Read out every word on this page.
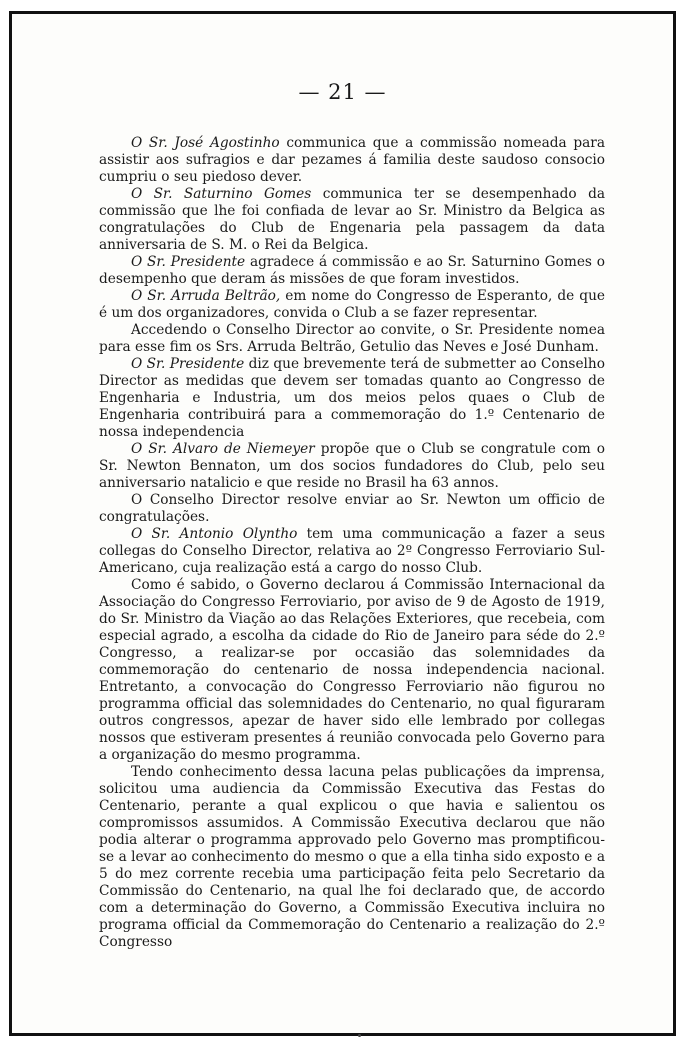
— 21 —

O Sr. José Agostinho communica que a commissão nomeada para assistir aos sufragios e dar pezames á familia deste saudoso consocio cumpriu o seu piedoso dever.

O Sr. Saturnino Gomes communica ter se desempenhado da commissão que lhe foi confiada de levar ao Sr. Ministro da Belgica as congratulações do Club de Engenaria pela passagem da data anniversaria de S. M. o Rei da Belgica.

O Sr. Presidente agradece á commissão e ao Sr. Saturnino Gomes o desempenho que deram ás missões de que foram investidos.

O Sr. Arruda Beltrão, em nome do Congresso de Esperanto, de que é um dos organizadores, convida o Club a se fazer representar.

Accedendo o Conselho Director ao convite, o Sr. Presidente nomea para esse fim os Srs. Arruda Beltrão, Getulio das Neves e José Dunham.

O Sr. Presidente diz que brevemente terá de submetter ao Conselho Director as medidas que devem ser tomadas quanto ao Congresso de Engenharia e Industria, um dos meios pelos quaes o Club de Engenharia contribuirá para a commemoração do 1.º Centenario de nossa independencia

O Sr. Alvaro de Niemeyer propõe que o Club se congratule com o Sr. Newton Bennaton, um dos socios fundadores do Club, pelo seu anniversario natalicio e que reside no Brasil ha 63 annos.

O Conselho Director resolve enviar ao Sr. Newton um officio de congratulações.

O Sr. Antonio Olyntho tem uma communicação a fazer a seus collegas do Conselho Director, relativa ao 2º Congresso Ferroviario Sul-Americano, cuja realização está a cargo do nosso Club.

Como é sabido, o Governo declarou á Commissão Internacional da Associação do Congresso Ferroviario, por aviso de 9 de Agosto de 1919, do Sr. Ministro da Viação ao das Relações Exteriores, que recebeia, com especial agrado, a escolha da cidade do Rio de Janeiro para séde do 2.º Congresso, a realizar-se por occasião das solemnidades da commemoração do centenario de nossa independencia nacional. Entretanto, a convocação do Congresso Ferroviario não figurou no programma official das solemnidades do Centenario, no qual figuraram outros congressos, apezar de haver sido elle lembrado por collegas nossos que estiveram presentes á reunião convocada pelo Governo para a organização do mesmo programma.

Tendo conhecimento dessa lacuna pelas publicações da imprensa, solicitou uma audiencia da Commissão Executiva das Festas do Centenario, perante a qual explicou o que havia e salientou os compromissos assumidos. A Commissão Executiva declarou que não podia alterar o programma approvado pelo Governo mas promptificou-se a levar ao conhecimento do mesmo o que a ella tinha sido exposto e a 5 do mez corrente recebia uma participação feita pelo Secretario da Commissão do Centenario, na qual lhe foi declarado que, de accordo com a determinação do Governo, a Commissão Executiva incluira no programa official da Commemoração do Centenario a realização do 2.º Congresso
